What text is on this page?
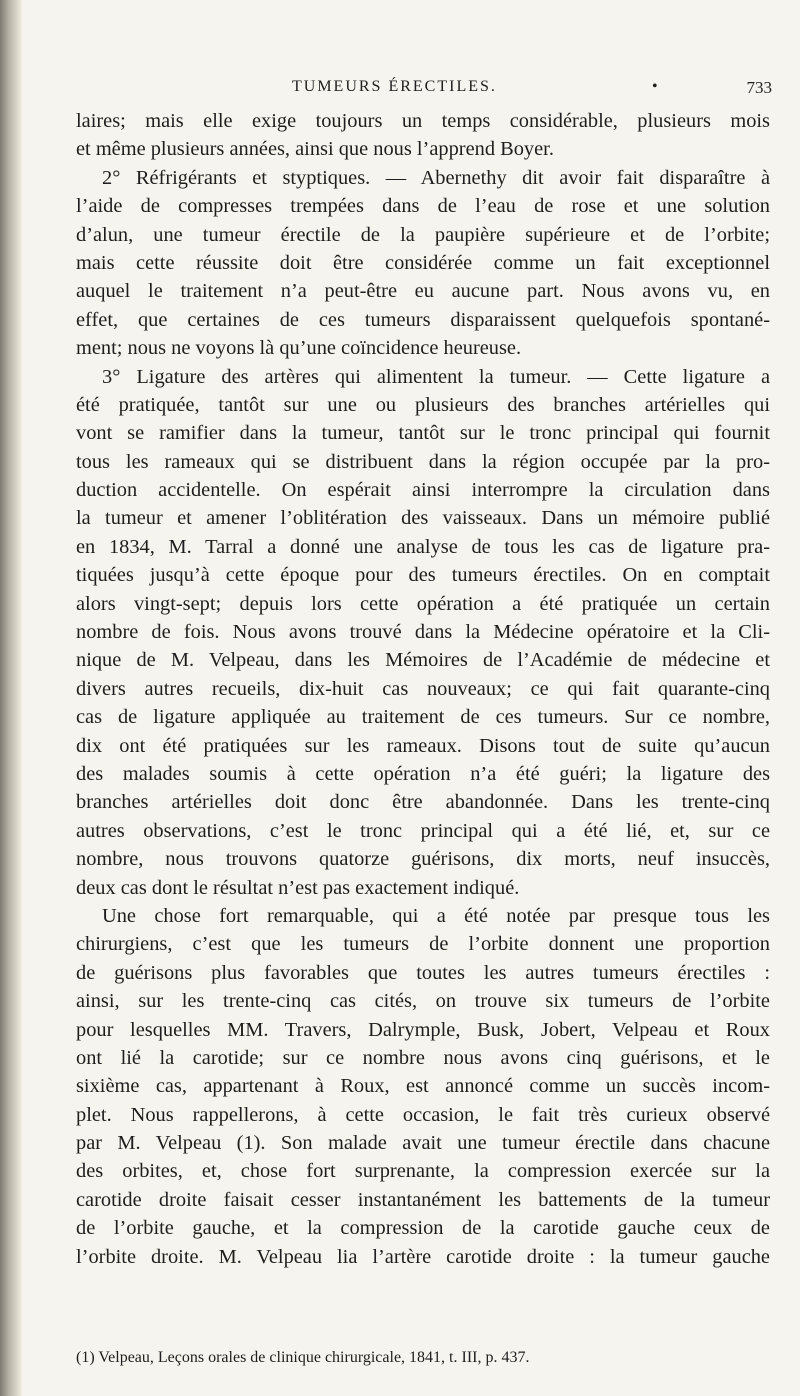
TUMEURS ÉRECTILES.	•	733
laires; mais elle exige toujours un temps considérable, plusieurs mois
et même plusieurs années, ainsi que nous l’apprend Boyer.
2° Réfrigérants et styptiques. — Abernethy dit avoir fait disparaître à
l’aide de compresses trempées dans de l’eau de rose et une solution
d’alun, une tumeur érectile de la paupière supérieure et de l’orbite;
mais cette réussite doit être considérée comme un fait exceptionnel
auquel le traitement n’a peut-être eu aucune part. Nous avons vu, en
effet, que certaines de ces tumeurs disparaissent quelquefois spontané-
ment; nous ne voyons là qu’une coïncidence heureuse.
3° Ligature des artères qui alimentent la tumeur. — Cette ligature a
été pratiquée, tantôt sur une ou plusieurs des branches artérielles qui
vont se ramifier dans la tumeur, tantôt sur le tronc principal qui fournit
tous les rameaux qui se distribuent dans la région occupée par la pro-
duction accidentelle. On espérait ainsi interrompre la circulation dans
la tumeur et amener l’oblitération des vaisseaux. Dans un mémoire publié
en 1834, M. Tarral a donné une analyse de tous les cas de ligature pra-
tiquées jusqu’à cette époque pour des tumeurs érectiles. On en comptait
alors vingt-sept; depuis lors cette opération a été pratiquée un certain
nombre de fois. Nous avons trouvé dans la Médecine opératoire et la Cli-
nique de M. Velpeau, dans les Mémoires de l’Académie de médecine et
divers autres recueils, dix-huit cas nouveaux; ce qui fait quarante-cinq
cas de ligature appliquée au traitement de ces tumeurs. Sur ce nombre,
dix ont été pratiquées sur les rameaux. Disons tout de suite qu’aucun
des malades soumis à cette opération n’a été guéri; la ligature des
branches artérielles doit donc être abandonnée. Dans les trente-cinq
autres observations, c’est le tronc principal qui a été lié, et, sur ce
nombre, nous trouvons quatorze guérisons, dix morts, neuf insuccès,
deux cas dont le résultat n’est pas exactement indiqué.
Une chose fort remarquable, qui a été notée par presque tous les
chirurgiens, c’est que les tumeurs de l’orbite donnent une proportion
de guérisons plus favorables que toutes les autres tumeurs érectiles :
ainsi, sur les trente-cinq cas cités, on trouve six tumeurs de l’orbite
pour lesquelles MM. Travers, Dalrymple, Busk, Jobert, Velpeau et Roux
ont lié la carotide; sur ce nombre nous avons cinq guérisons, et le
sixième cas, appartenant à Roux, est annoncé comme un succès incom-
plet. Nous rappellerons, à cette occasion, le fait très curieux observé
par M. Velpeau (1). Son malade avait une tumeur érectile dans chacune
des orbites, et, chose fort surprenante, la compression exercée sur la
carotide droite faisait cesser instantanément les battements de la tumeur
de l’orbite gauche, et la compression de la carotide gauche ceux de
l’orbite droite. M. Velpeau lia l’artère carotide droite : la tumeur gauche
(1) Velpeau, Leçons orales de clinique chirurgicale, 1841, t. III, p. 437.
